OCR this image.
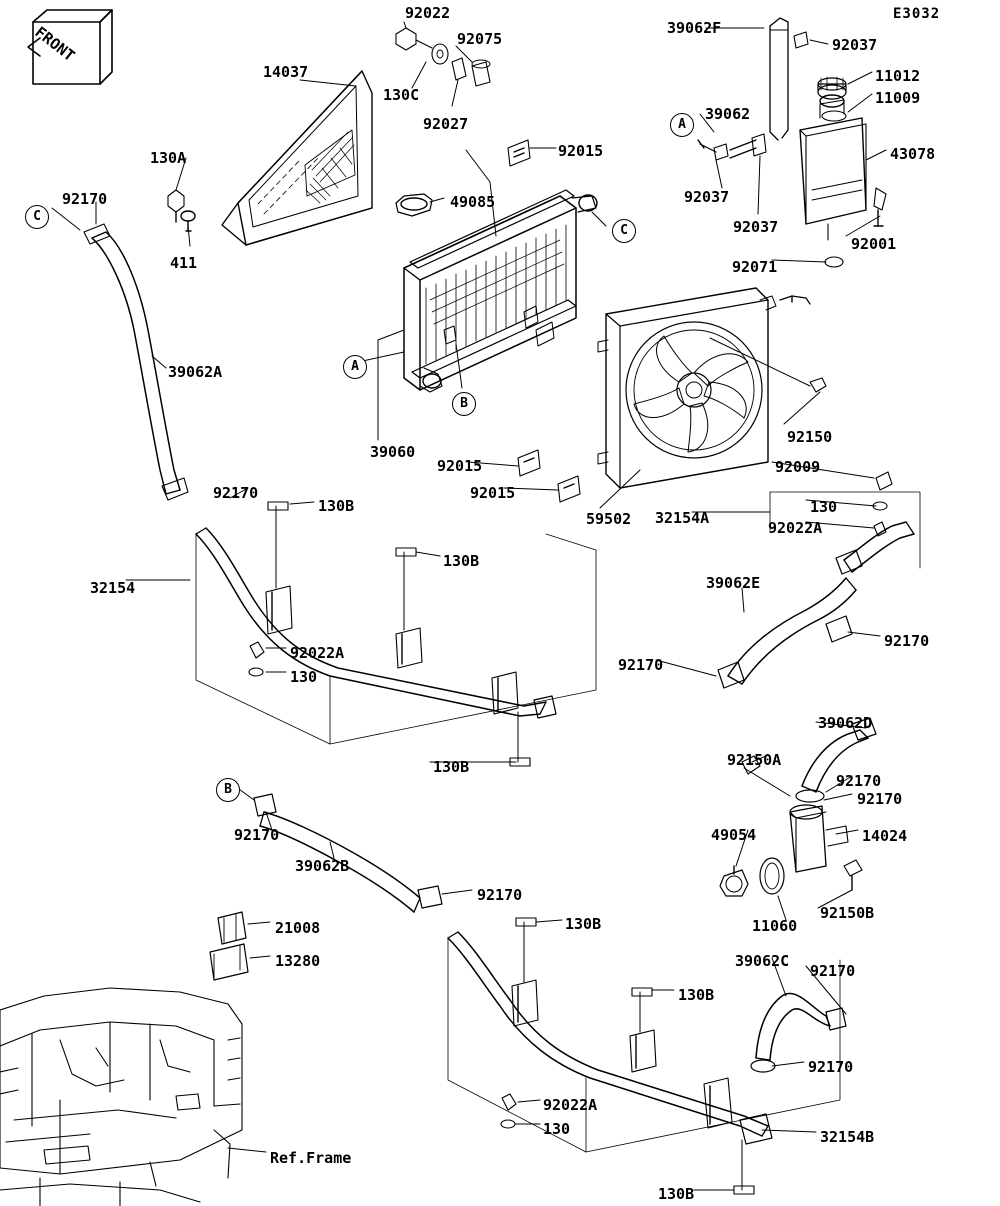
E3032
92022
92075
39062F
92037
11012
11009
14037
130C
92027
39062
43078
92015
130A
92037
92037
92170	49085
411
92001
92071
39062A
92150
39060
92015	92009
92015
130
92170
130B
59502 32154A
92022A
130B
32154	39062E
92022A
92170
92170
130
39062D
92150A
130B
92170
92170
49054	14024
92170
39062B
11060
92150B
92170
21008	130B
13280	39062C
92170
130B
92170
92022A
130	32154B
Ref.Frame
130B
A
C
C
A
B
B
FRONT
